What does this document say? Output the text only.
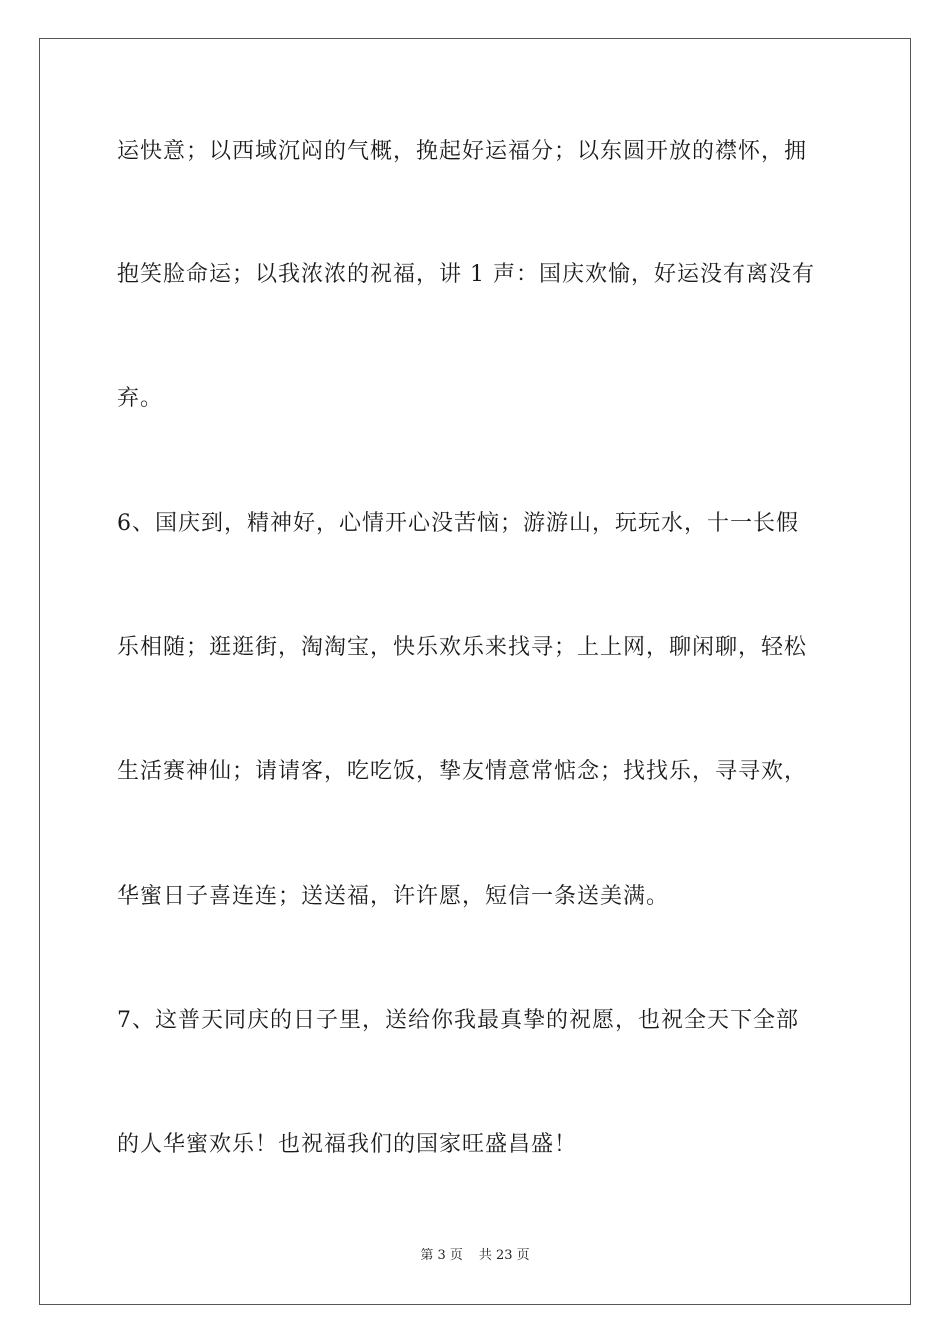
运快意；以西域沉闷的气概，挽起好运福分；以东圆开放的襟怀，拥
抱笑脸命运；以我浓浓的祝福，讲 1 声：国庆欢愉，好运没有离没有
弃。
6、国庆到，精神好，心情开心没苦恼；游游山，玩玩水，十一长假
乐相随；逛逛街，淘淘宝，快乐欢乐来找寻；上上网，聊闲聊，轻松
生活赛神仙；请请客，吃吃饭，挚友情意常惦念；找找乐，寻寻欢，
华蜜日子喜连连；送送福，许许愿，短信一条送美满。
7、这普天同庆的日子里，送给你我最真挚的祝愿，也祝全天下全部
的人华蜜欢乐！也祝福我们的国家旺盛昌盛！
第 3 页 共 23 页
